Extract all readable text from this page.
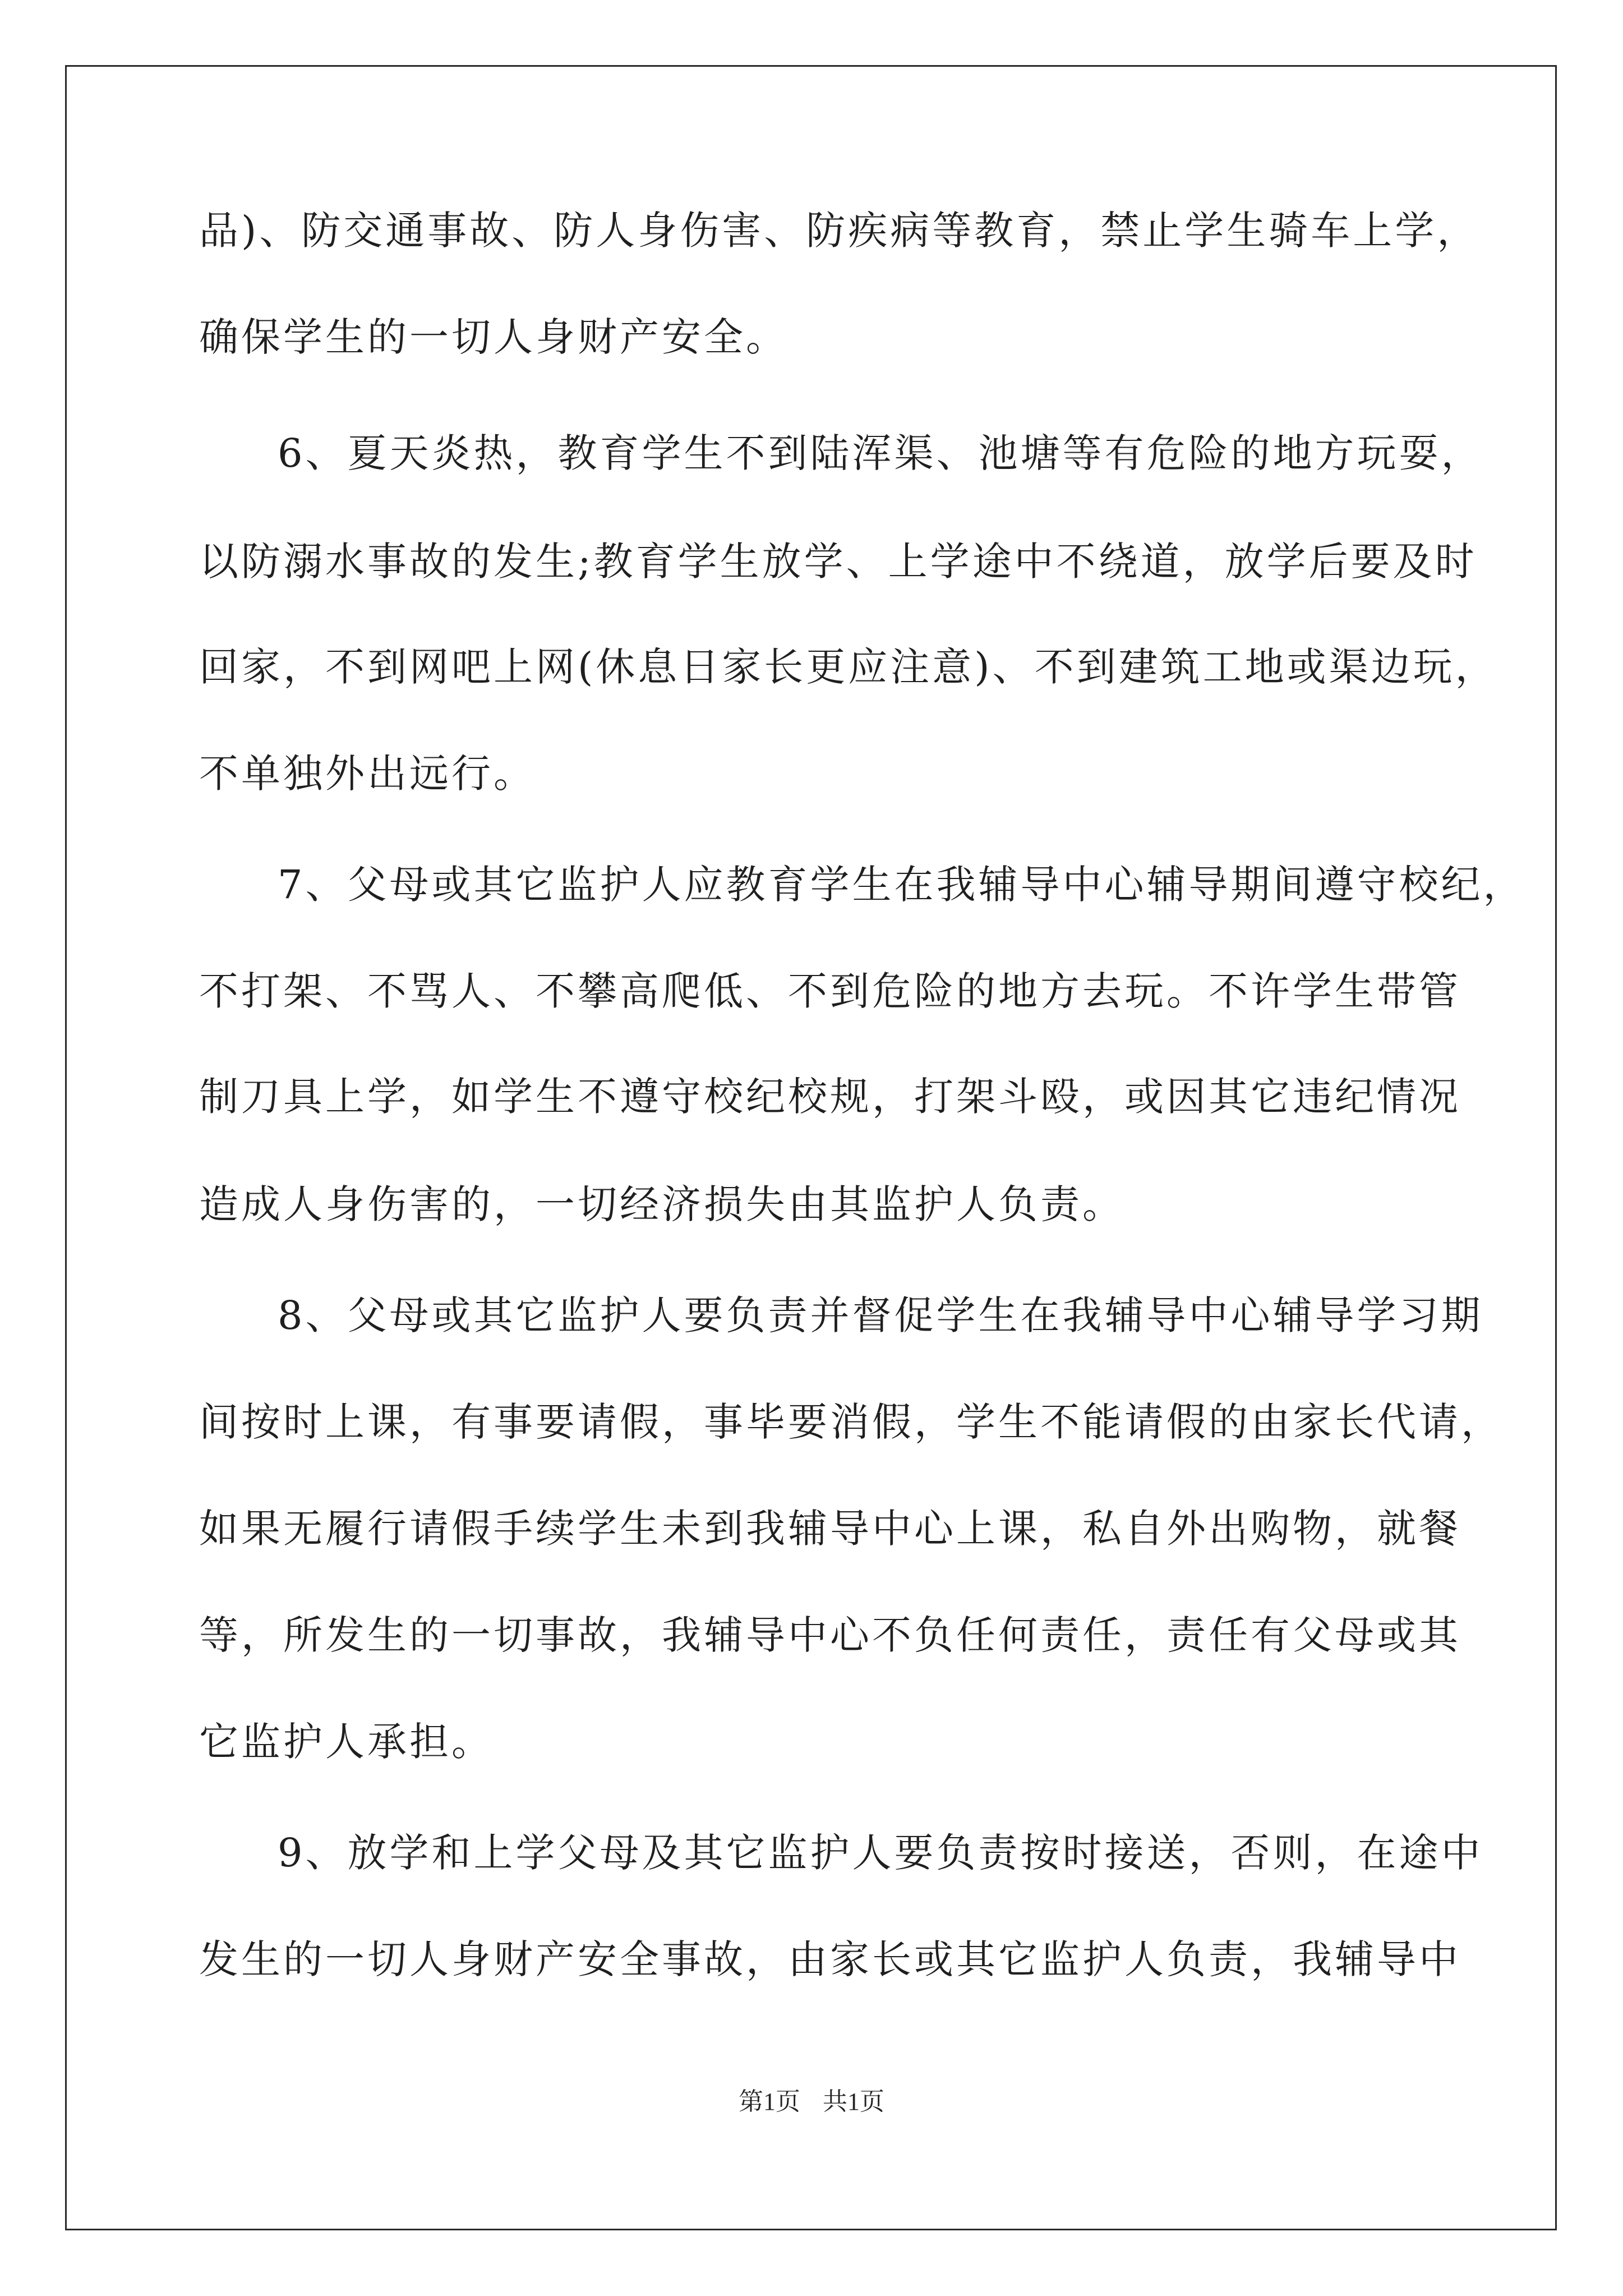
品)、防交通事故、防人身伤害、防疾病等教育，禁止学生骑车上学，
确保学生的一切人身财产安全。
6、夏天炎热，教育学生不到陆浑渠、池塘等有危险的地方玩耍，
以防溺水事故的发生;教育学生放学、上学途中不绕道，放学后要及时
回家，不到网吧上网(休息日家长更应注意)、不到建筑工地或渠边玩，
不单独外出远行。
7、父母或其它监护人应教育学生在我辅导中心辅导期间遵守校纪，
不打架、不骂人、不攀高爬低、不到危险的地方去玩。不许学生带管
制刀具上学，如学生不遵守校纪校规，打架斗殴，或因其它违纪情况
造成人身伤害的，一切经济损失由其监护人负责。
8、父母或其它监护人要负责并督促学生在我辅导中心辅导学习期
间按时上课，有事要请假，事毕要消假，学生不能请假的由家长代请，
如果无履行请假手续学生未到我辅导中心上课，私自外出购物，就餐
等，所发生的一切事故，我辅导中心不负任何责任，责任有父母或其
它监护人承担。
9、放学和上学父母及其它监护人要负责按时接送，否则，在途中
发生的一切人身财产安全事故，由家长或其它监护人负责，我辅导中
第1页 共1页
